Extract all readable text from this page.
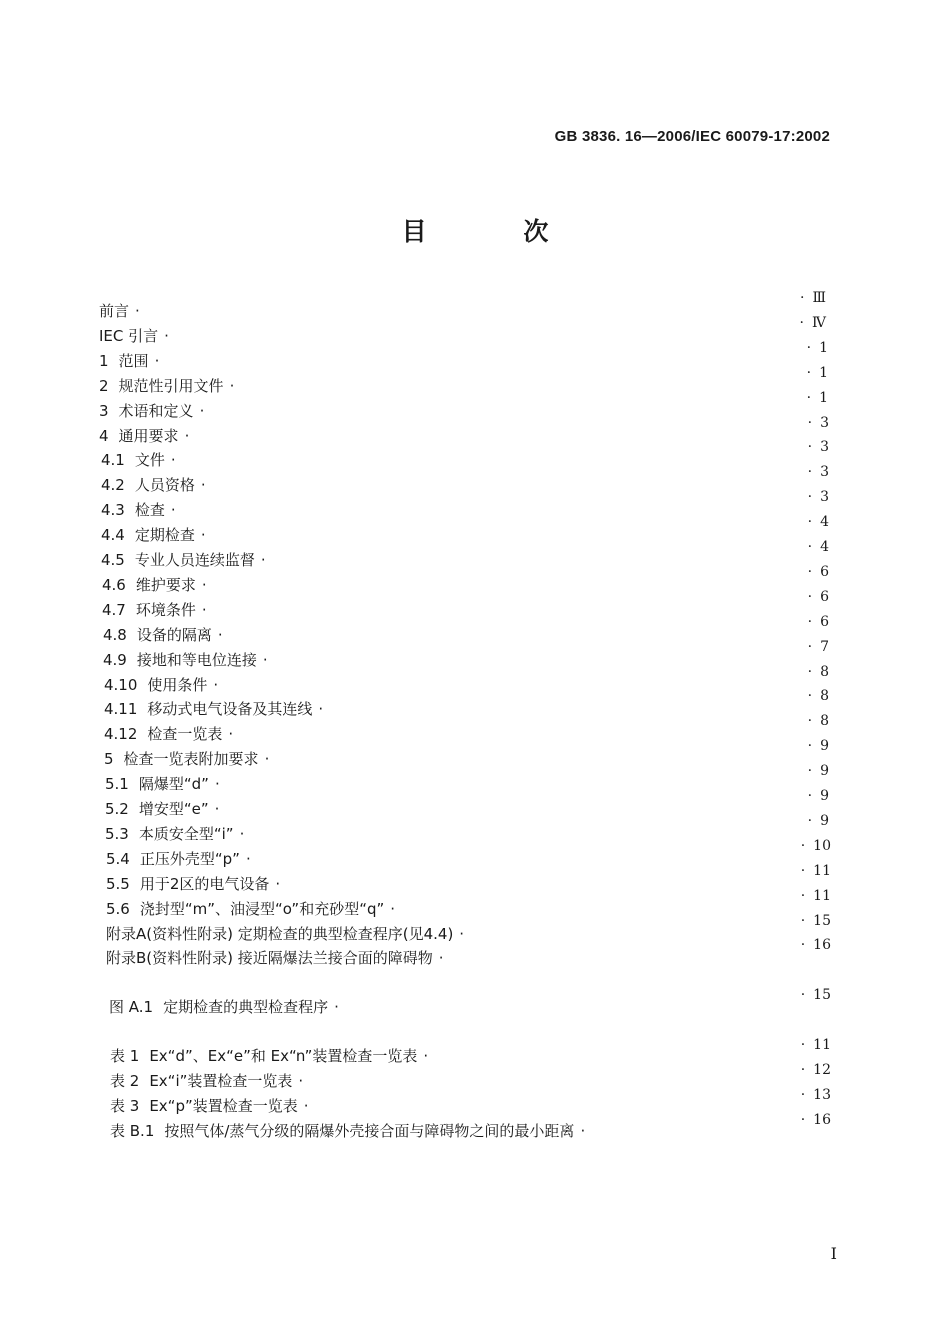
GB 3836. 16—2006/IEC 60079-17:2002
目 次
前言 ·
· Ⅲ
IEC 引言 ·
· Ⅳ
1 范围 ·
· 1
2 规范性引用文件 ·
· 1
3 术语和定义 ·
· 1
4 通用要求 ·
· 3
4.1 文件 ·
· 3
4.2 人员资格 ·
· 3
4.3 检查 ·
· 3
4.4 定期检查 ·
· 4
4.5 专业人员连续监督 ·
· 4
4.6 维护要求 ·
· 6
4.7 环境条件 ·
· 6
4.8 设备的隔离 ·
· 6
4.9 接地和等电位连接 ·
· 7
4.10 使用条件 ·
· 8
4.11 移动式电气设备及其连线 ·
· 8
4.12 检查一览表 ·
· 8
5 检查一览表附加要求 ·
· 9
5.1 隔爆型“d” ·
· 9
5.2 增安型“e” ·
· 9
5.3 本质安全型“i” ·
· 9
5.4 正压外壳型“p” ·
· 10
5.5 用于2区的电气设备 ·
· 11
5.6 浇封型“m”、油浸型“o”和充砂型“q” ·
· 11
附录A(资料性附录) 定期检查的典型检查程序(见4.4) ·
· 15
附录B(资料性附录) 接近隔爆法兰接合面的障碍物 ·
· 16
图 A.1 定期检查的典型检查程序 ·
· 15
表 1 Ex“d”、Ex“e”和 Ex“n”装置检查一览表 ·
· 11
表 2 Ex“i”装置检查一览表 ·
· 12
表 3 Ex“p”装置检查一览表 ·
· 13
表 B.1 按照气体/蒸气分级的隔爆外壳接合面与障碍物之间的最小距离 ·
· 16
I
